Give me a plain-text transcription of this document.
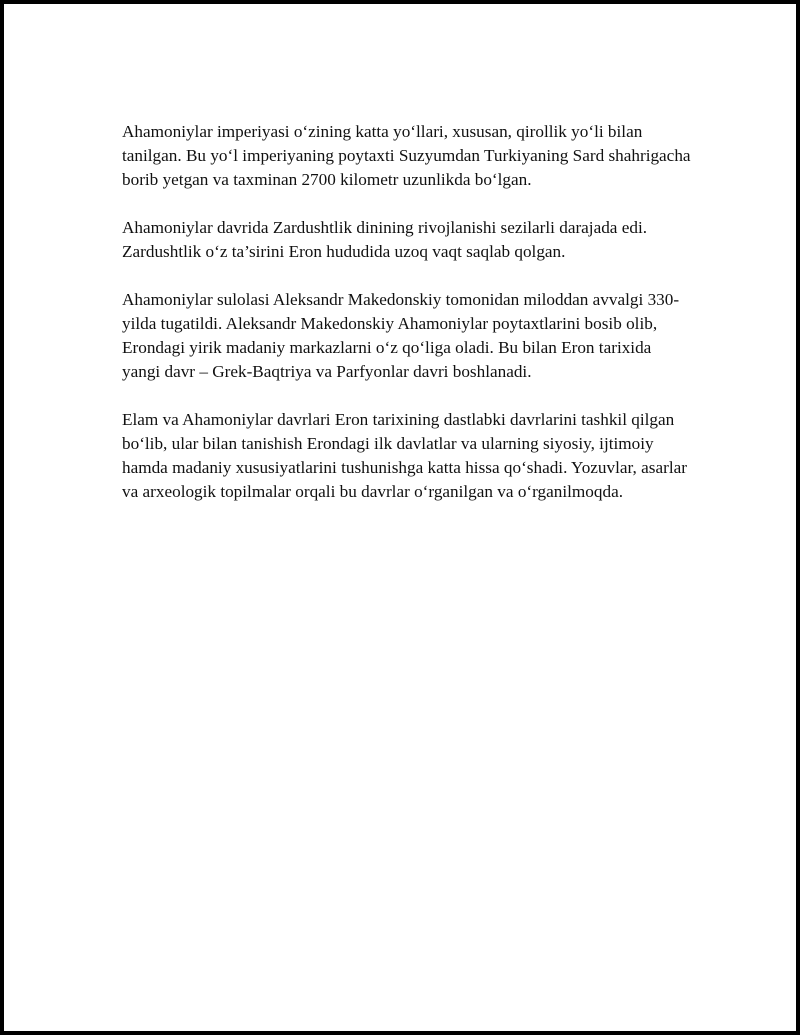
Ahamoniylar imperiyasi o‘zining katta yo‘llari, xususan, qirollik yo‘li bilan tanilgan. Bu yo‘l imperiyaning poytaxti Suzyumdan Turkiyaning Sard shahrigacha borib yetgan va taxminan 2700 kilometr uzunlikda bo‘lgan.

Ahamoniylar davrida Zardushtlik dinining rivojlanishi sezilarli darajada edi. Zardushtlik o‘z ta’sirini Eron hududida uzoq vaqt saqlab qolgan.

Ahamoniylar sulolasi Aleksandr Makedonskiy tomonidan miloddan avvalgi 330-yilda tugatildi. Aleksandr Makedonskiy Ahamoniylar poytaxtlarini bosib olib, Erondagi yirik madaniy markazlarni o‘z qo‘liga oladi. Bu bilan Eron tarixida yangi davr – Grek-Baqtriya va Parfyonlar davri boshlanadi.

Elam va Ahamoniylar davrlari Eron tarixining dastlabki davrlarini tashkil qilgan bo‘lib, ular bilan tanishish Erondagi ilk davlatlar va ularning siyosiy, ijtimoiy hamda madaniy xususiyatlarini tushunishga katta hissa qo‘shadi. Yozuvlar, asarlar va arxeologik topilmalar orqali bu davrlar o‘rganilgan va o‘rganilmoqda.
